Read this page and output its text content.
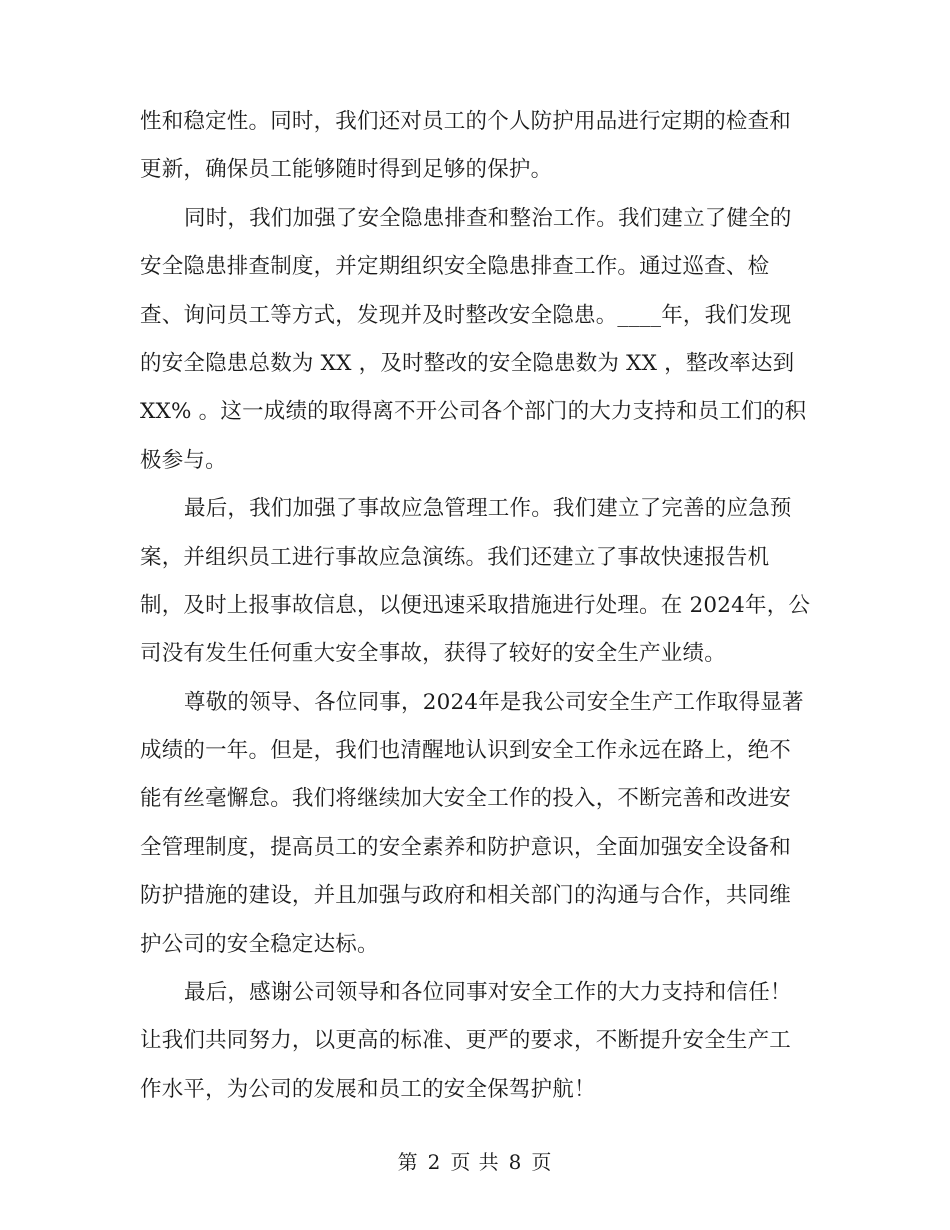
性和稳定性。同时，我们还对员工的个人防护用品进行定期的检查和
更新，确保员工能够随时得到足够的保护。

同时，我们加强了安全隐患排查和整治工作。我们建立了健全的
安全隐患排查制度，并定期组织安全隐患排查工作。通过巡查、检
查、询问员工等方式，发现并及时整改安全隐患。____年，我们发现
的安全隐患总数为 XX ，及时整改的安全隐患数为 XX ，整改率达到
XX% 。这一成绩的取得离不开公司各个部门的大力支持和员工们的积
极参与。

最后，我们加强了事故应急管理工作。我们建立了完善的应急预
案，并组织员工进行事故应急演练。我们还建立了事故快速报告机
制，及时上报事故信息，以便迅速采取措施进行处理。在 2024年，公
司没有发生任何重大安全事故，获得了较好的安全生产业绩。

尊敬的领导、各位同事，2024年是我公司安全生产工作取得显著
成绩的一年。但是，我们也清醒地认识到安全工作永远在路上，绝不
能有丝毫懈怠。我们将继续加大安全工作的投入，不断完善和改进安
全管理制度，提高员工的安全素养和防护意识，全面加强安全设备和
防护措施的建设，并且加强与政府和相关部门的沟通与合作，共同维
护公司的安全稳定达标。

最后，感谢公司领导和各位同事对安全工作的大力支持和信任！
让我们共同努力，以更高的标准、更严的要求，不断提升安全生产工
作水平，为公司的发展和员工的安全保驾护航！

第 2 页 共 8 页
